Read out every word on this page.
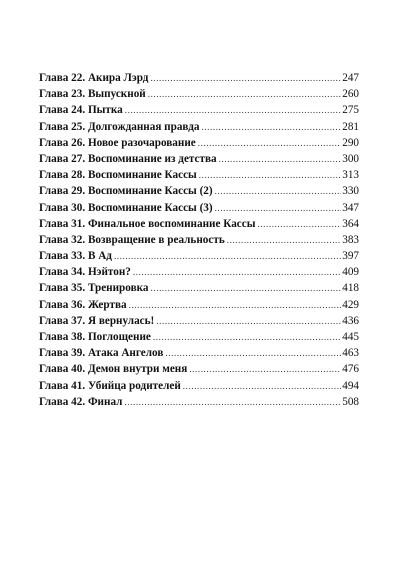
Глава 22. Акира Лэрд .....	247
Глава 23. Выпускной .....	260
Глава 24. Пытка .....	275
Глава 25. Долгожданная правда .....	281
Глава 26. Новое разочарование .....	290
Глава 27. Воспоминание из детства .....	300
Глава 28. Воспоминание Кассы .....	313
Глава 29. Воспоминание Кассы (2) .....	330
Глава 30. Воспоминание Кассы (3) .....	347
Глава 31. Финальное воспоминание Кассы .....	364
Глава 32. Возвращение в реальность .....	383
Глава 33. В Ад .....	397
Глава 34. Нэйтон? .....	409
Глава 35. Тренировка .....	418
Глава 36. Жертва .....	429
Глава 37. Я вернулась! .....	436
Глава 38. Поглощение .....	445
Глава 39. Атака Ангелов .....	463
Глава 40. Демон внутри меня .....	476
Глава 41. Убийца родителей .....	494
Глава 42. Финал .....	508
